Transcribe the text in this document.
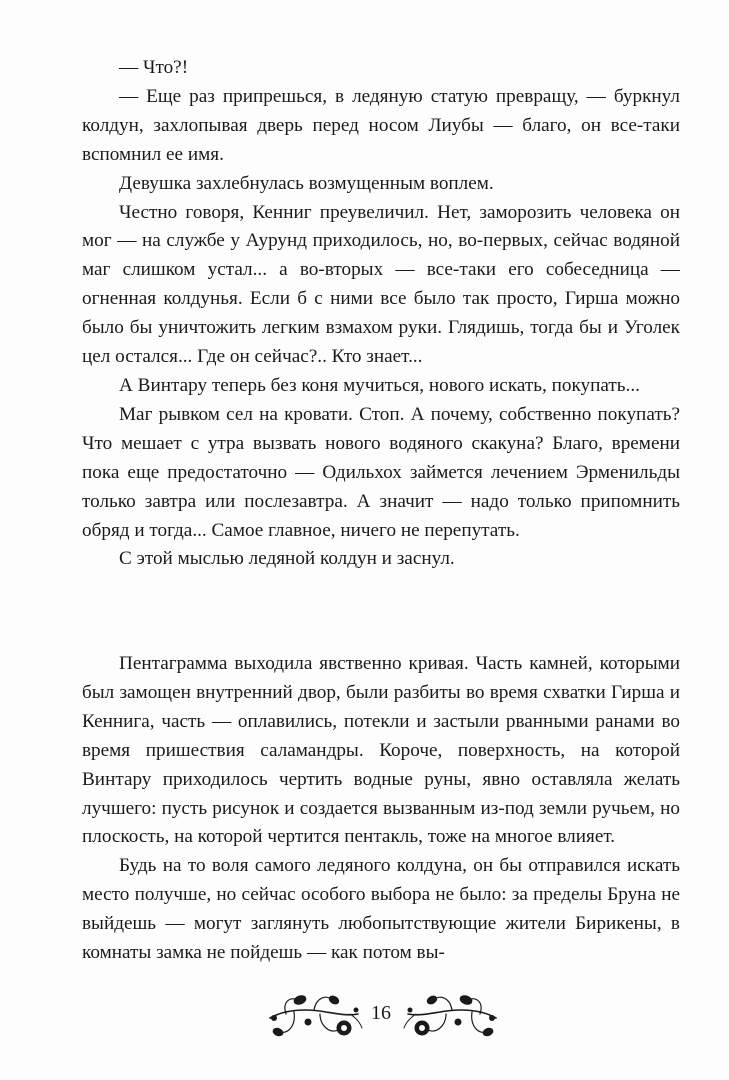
— Что?!

— Еще раз припрешься, в ледяную статую превращу, — буркнул колдун, захлопывая дверь перед носом Лиубы — благо, он все-таки вспомнил ее имя.

Девушка захлебнулась возмущенным воплем.

Честно говоря, Кенниг преувеличил. Нет, заморозить человека он мог — на службе у Аурунд приходилось, но, во-первых, сейчас водяной маг слишком устал... а во-вторых — все-таки его собеседница — огненная колдунья. Если б с ними все было так просто, Гирша можно было бы уничтожить легким взмахом руки. Глядишь, тогда бы и Уголек цел остался... Где он сейчас?.. Кто знает...

А Винтару теперь без коня мучиться, нового искать, покупать...

Маг рывком сел на кровати. Стоп. А почему, собственно покупать? Что мешает с утра вызвать нового водяного скакуна? Благо, времени пока еще предостаточно — Одильхох займется лечением Эрменильды только завтра или послезавтра. А значит — надо только припомнить обряд и тогда... Самое главное, ничего не перепутать.

С этой мыслью ледяной колдун и заснул.

Пентаграмма выходила явственно кривая. Часть камней, которыми был замощен внутренний двор, были разбиты во время схватки Гирша и Кеннига, часть — оплавились, потекли и застыли рванными ранами во время пришествия саламандры. Короче, поверхность, на которой Винтару приходилось чертить водные руны, явно оставляла желать лучшего: пусть рисунок и создается вызванным из-под земли ручьем, но плоскость, на которой чертится пентакль, тоже на многое влияет.

Будь на то воля самого ледяного колдуна, он бы отправился искать место получше, но сейчас особого выбора не было: за пределы Бруна не выйдешь — могут заглянуть любопытствующие жители Бирикены, в комнаты замка не пойдешь — как потом вы-

16
